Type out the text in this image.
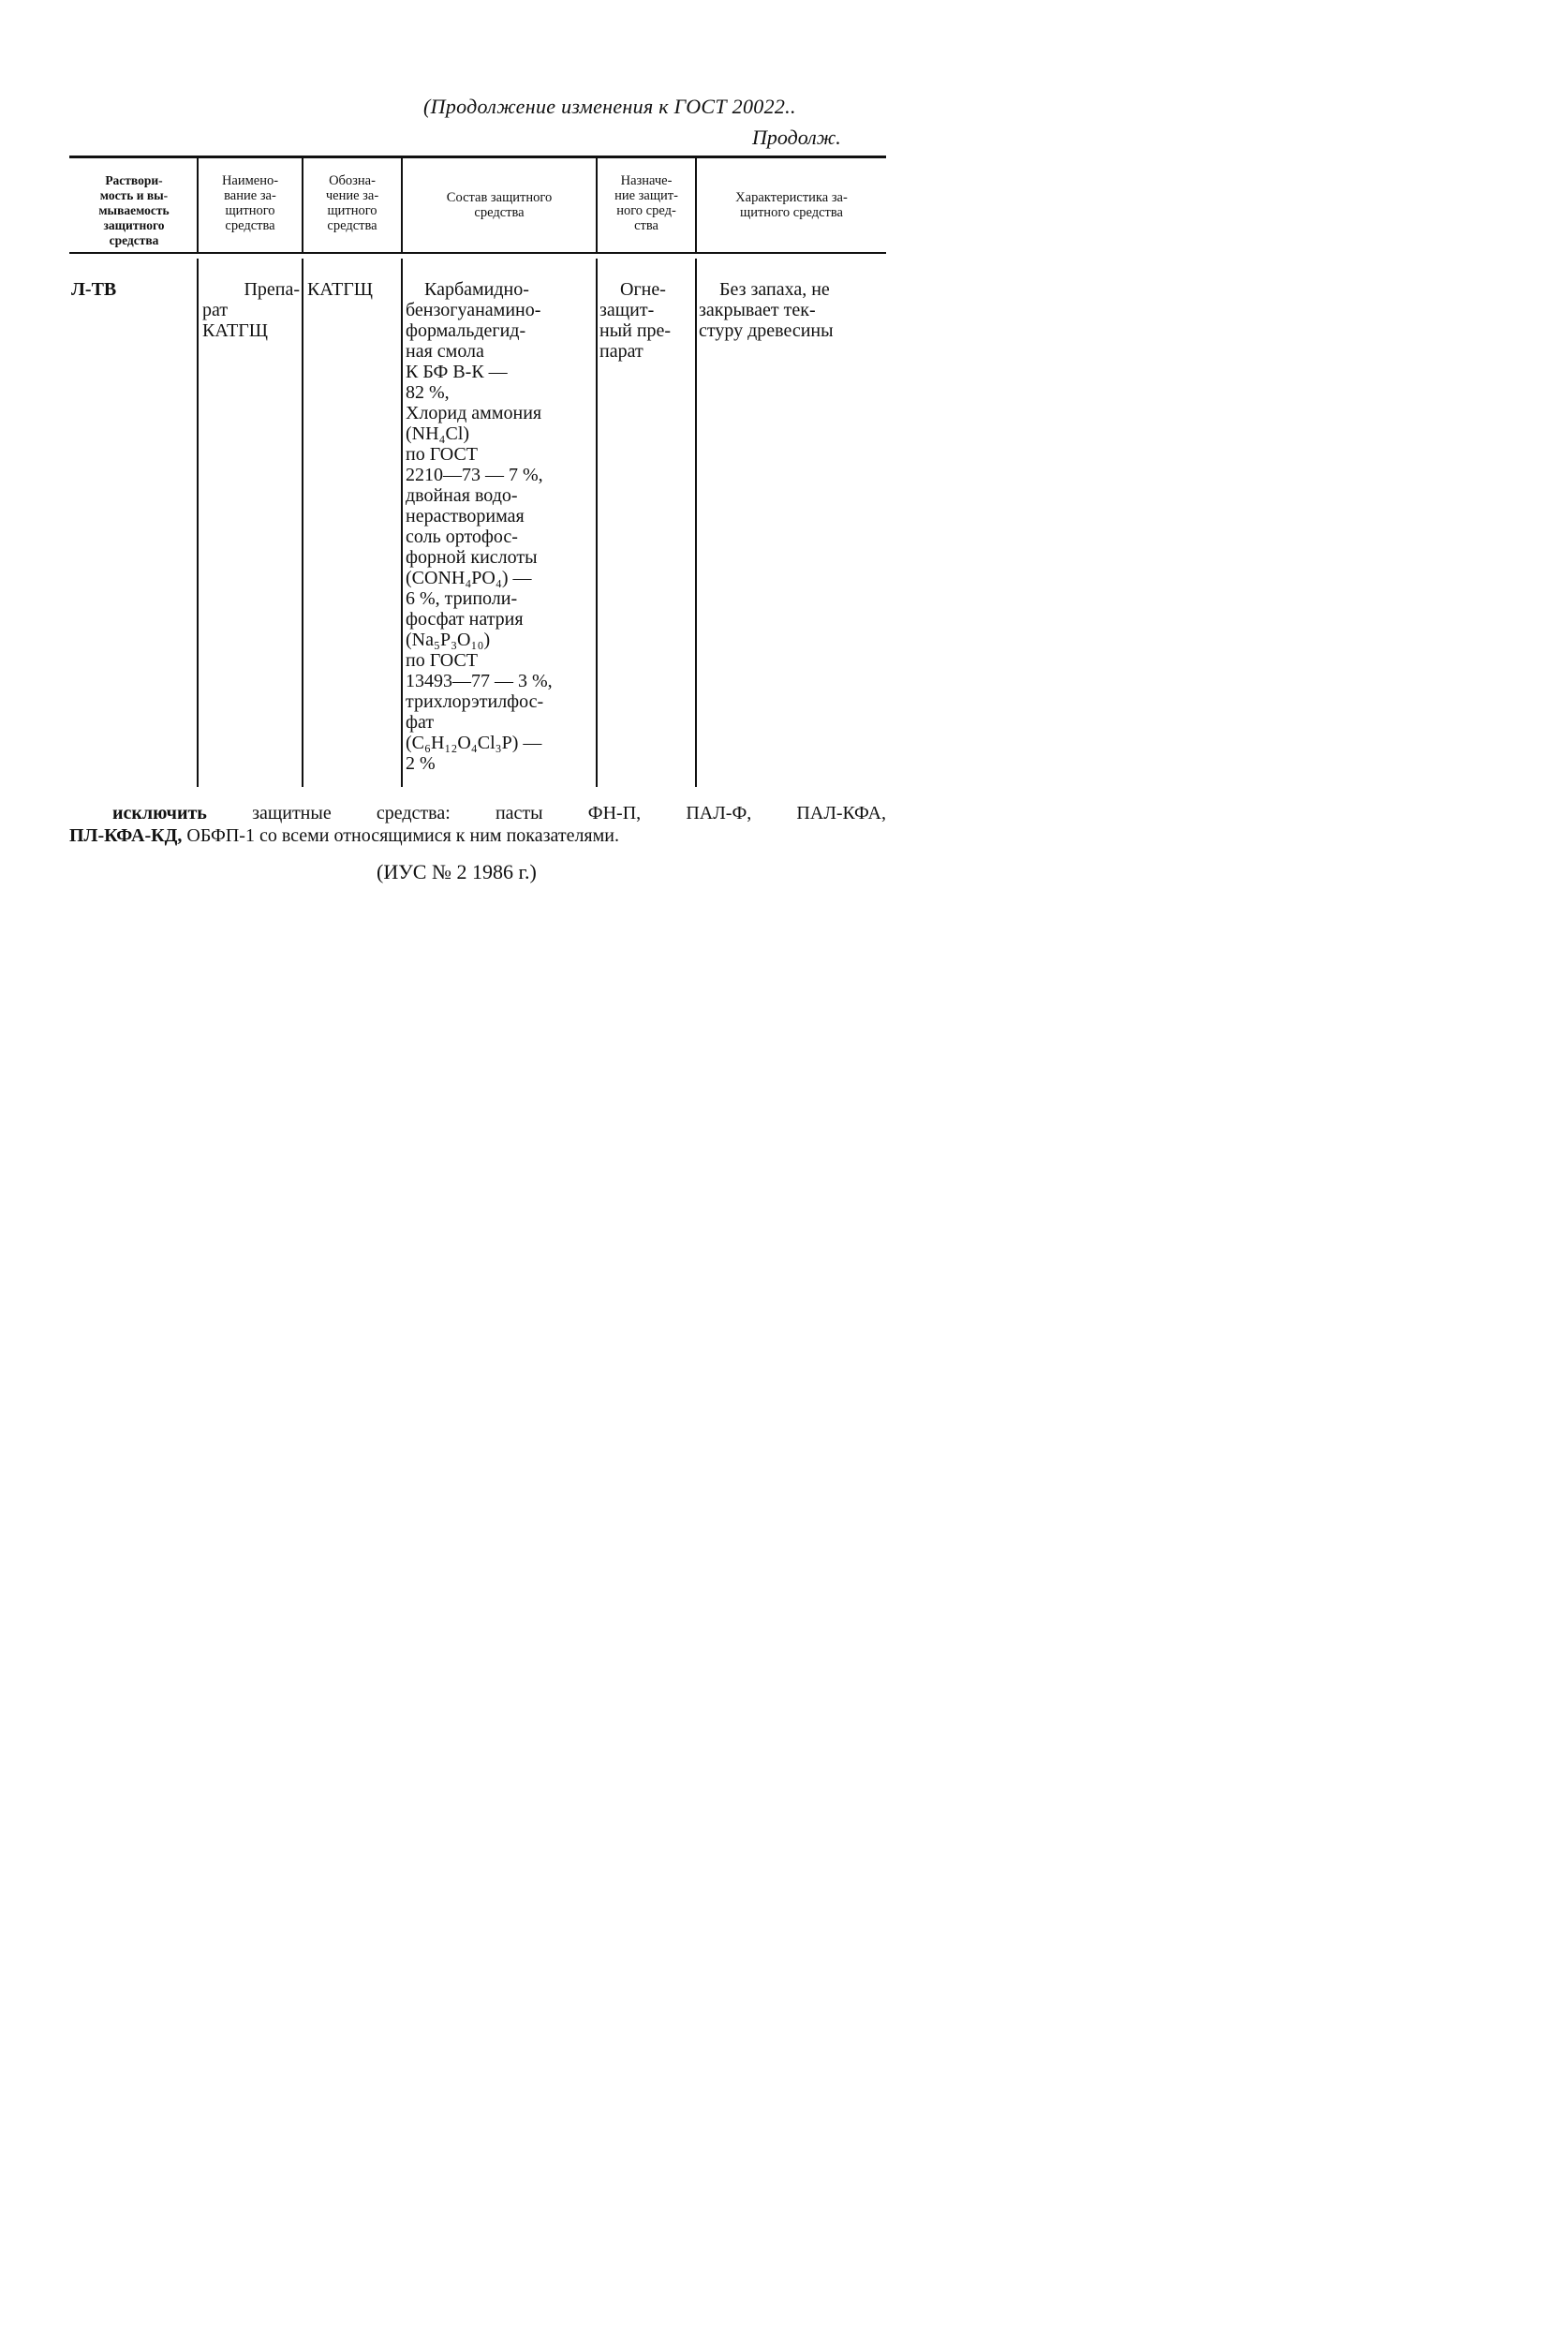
(Продолжение изменения к ГОСТ 20022..
Продолж.
Раcтвори-
мость и вы-
мываемость
защитного
средства
Наимено-
вание за-
щитного
средства
Обозна-
чение за-
щитного
средства
Состав защитного
средства
Назначе-
ние защит-
ного сред-
ства
Характеристика за-
щитного средства
Л-ТВ	Препа-
рат
КАТГЩ
КАТГЩ	Карбамидно-
бензогуанамино-
формальдегид-
ная смола
К БФ В-К —
82 %,
Хлорид аммония
(NH₄Cl)
по ГОСТ
2210—73 — 7 %,
двойная водо-
нерастворимая
соль ортофос-
форной кислоты
(CONH₄PO₄) —
6 %, триполи-
фосфат натрия
(Na₅P₃O₁₀)
по ГОСТ
13493—77 — 3 %,
трихлорэтилфос-
фат
(C₆H₁₂O₄Cl₃P) —
2 %
Огне-
защит-
ный пре-
парат
Без запаха, не
закрывает тек-
стуру древесины
исключить защитные средства: пасты ФН-П, ПАЛ-Ф, ПАЛ-КФА,
ПЛ-КФА-КД, ОБФП-1 со всеми относящимися к ним показателями.
(ИУС № 2 1986 г.)
